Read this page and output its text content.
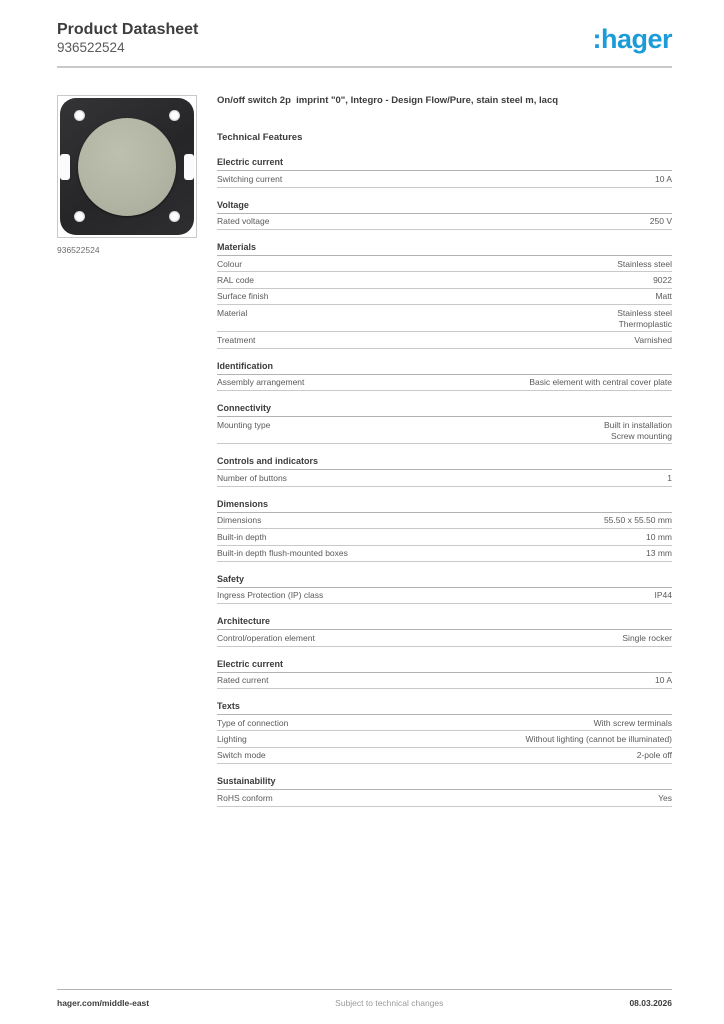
Product Datasheet
936522524	:hager
936522524
On/off switch 2p  imprint "0", Integro - Design Flow/Pure, stain steel m, lacq
Technical Features
Electric current
Switching current	10 A
Voltage
Rated voltage	250 V
Materials
Colour	Stainless steel
RAL code	9022
Surface finish	Matt
Material	Stainless steel
Thermoplastic
Treatment	Varnished
Identification
Assembly arrangement	Basic element with central cover plate
Connectivity
Mounting type	Built in installation
Screw mounting
Controls and indicators
Number of buttons	1
Dimensions
Dimensions	55.50 x 55.50 mm
Built-in depth	10 mm
Built-in depth flush-mounted boxes	13 mm
Safety
Ingress Protection (IP) class	IP44
Architecture
Control/operation element	Single rocker
Electric current
Rated current	10 A
Texts
Type of connection	With screw terminals
Lighting	Without lighting (cannot be illuminated)
Switch mode	2-pole off
Sustainability
RoHS conform	Yes
hager.com/middle-east	Subject to technical changes	08.03.2026
